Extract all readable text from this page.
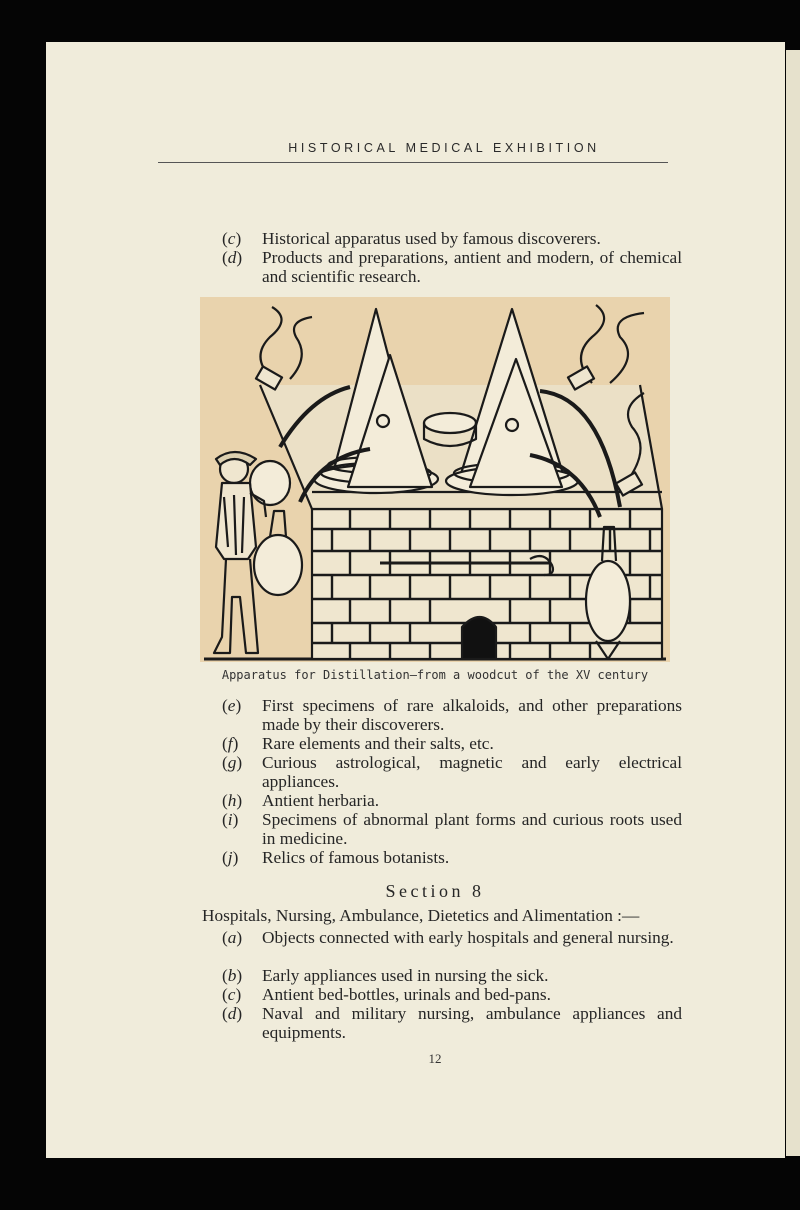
HISTORICAL MEDICAL EXHIBITION
(c) Historical apparatus used by famous discoverers.
(d) Products and preparations, antient and modern, of chemical and scientific research.
Apparatus for Distillation—from a woodcut of the XV century
(e) First specimens of rare alkaloids, and other preparations made by their discoverers.
(f) Rare elements and their salts, etc.
(g) Curious astrological, magnetic and early electrical appliances.
(h) Antient herbaria.
(i) Specimens of abnormal plant forms and curious roots used in medicine.
(j) Relics of famous botanists.
Section 8
Hospitals, Nursing, Ambulance, Dietetics and Alimentation :—
(a) Objects connected with early hospitals and general nursing.
(b) Early appliances used in nursing the sick.
(c) Antient bed-bottles, urinals and bed-pans.
(d) Naval and military nursing, ambulance appliances and equipments.
12
